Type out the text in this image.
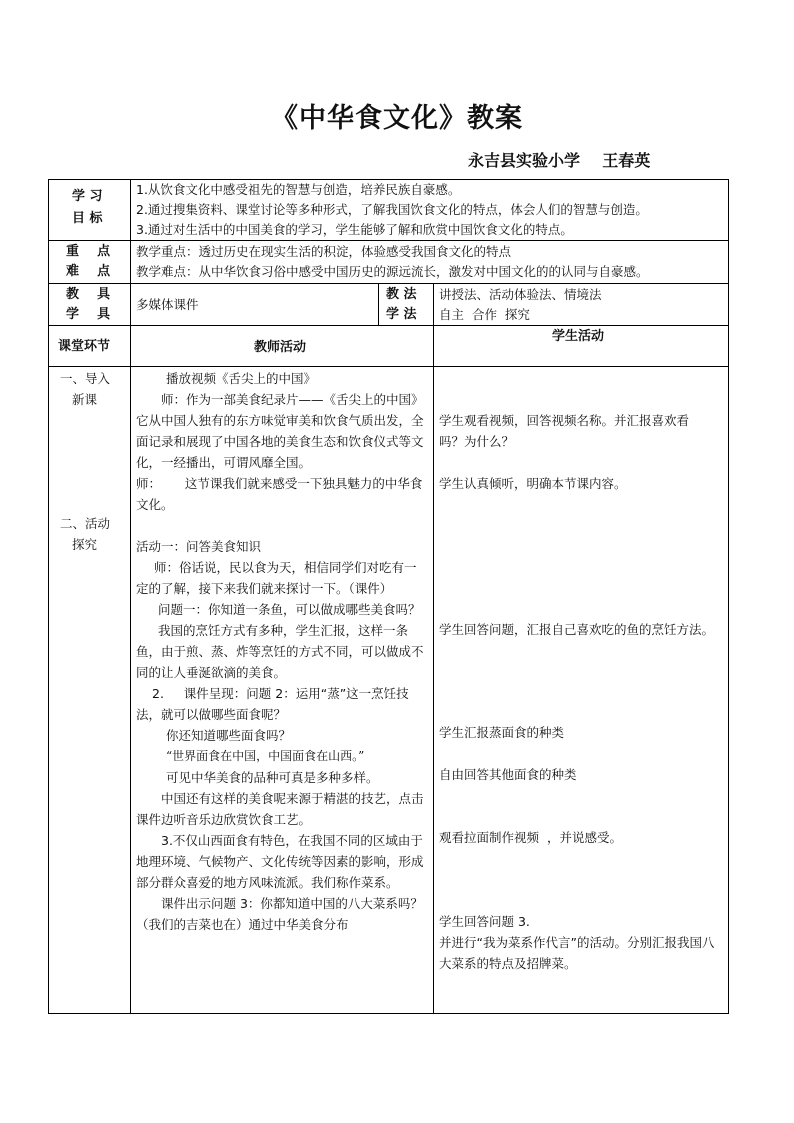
《中华食文化》教案
永吉县实验小学    王春英
学 习
目 标
1.从饮食文化中感受祖先的智慧与创造，培养民族自豪感。
2.通过搜集资料、课堂讨论等多种形式，了解我国饮食文化的特点，体会人们的智慧与创造。
3.通过对生活中的中国美食的学习，学生能够了解和欣赏中国饮食文化的特点。
重    点
难    点
教学重点：透过历史在现实生活的积淀，体验感受我国食文化的特点
教学难点：从中华饮食习俗中感受中国历史的源远流长，激发对中国文化的的认同与自豪感。
教    具
学    具
多媒体课件
教 法
学 法
讲授法、活动体验法、情境法
自主  合作  探究
课堂环节	教师活动
学生活动
一、导入
新课
二、活动
探究

播放视频《舌尖上的中国》

师：作为一部美食纪录片——《舌尖上的中国》它从中国人独有的东方味觉审美和饮食气质出发，全面记录和展现了中国各地的美食生态和饮食仪式等文化，一经播出，可谓风靡全国。

师：      这节课我们就来感受一下独具魅力的中华食文化。

活动一：问答美食知识

师：俗话说，民以食为天，相信同学们对吃有一定的了解，接下来我们就来探讨一下。（课件）

问题一：你知道一条鱼，可以做成哪些美食吗？

我国的烹饪方式有多种，学生汇报，这样一条鱼，由于煎、蒸、炸等烹饪的方式不同，可以做成不同的让人垂涎欲滴的美食。

2.     课件呈现：问题 2：运用“蒸”这一烹饪技法，就可以做哪些面食呢？

你还知道哪些面食吗？

“世界面食在中国，中国面食在山西。”

可见中华美食的品种可真是多种多样。

中国还有这样的美食呢来源于精湛的技艺，点击课件边听音乐边欣赏饮食工艺。

3.不仅山西面食有特色，在我国不同的区域由于地理环境、气候物产、文化传统等因素的影响，形成部分群众喜爱的地方风味流派。我们称作菜系。

课件出示问题 3：你都知道中国的八大菜系吗？（我们的吉菜也在）通过中华美食分布

学生观看视频，回答视频名称。并汇报喜欢看吗？为什么？
学生认真倾听，明确本节课内容。
学生回答问题，汇报自己喜欢吃的鱼的烹饪方法。
学生汇报蒸面食的种类
自由回答其他面食的种类
观看拉面制作视频  ，并说感受。
学生回答问题 3.
并进行“我为菜系作代言”的活动。分别汇报我国八大菜系的特点及招牌菜。
